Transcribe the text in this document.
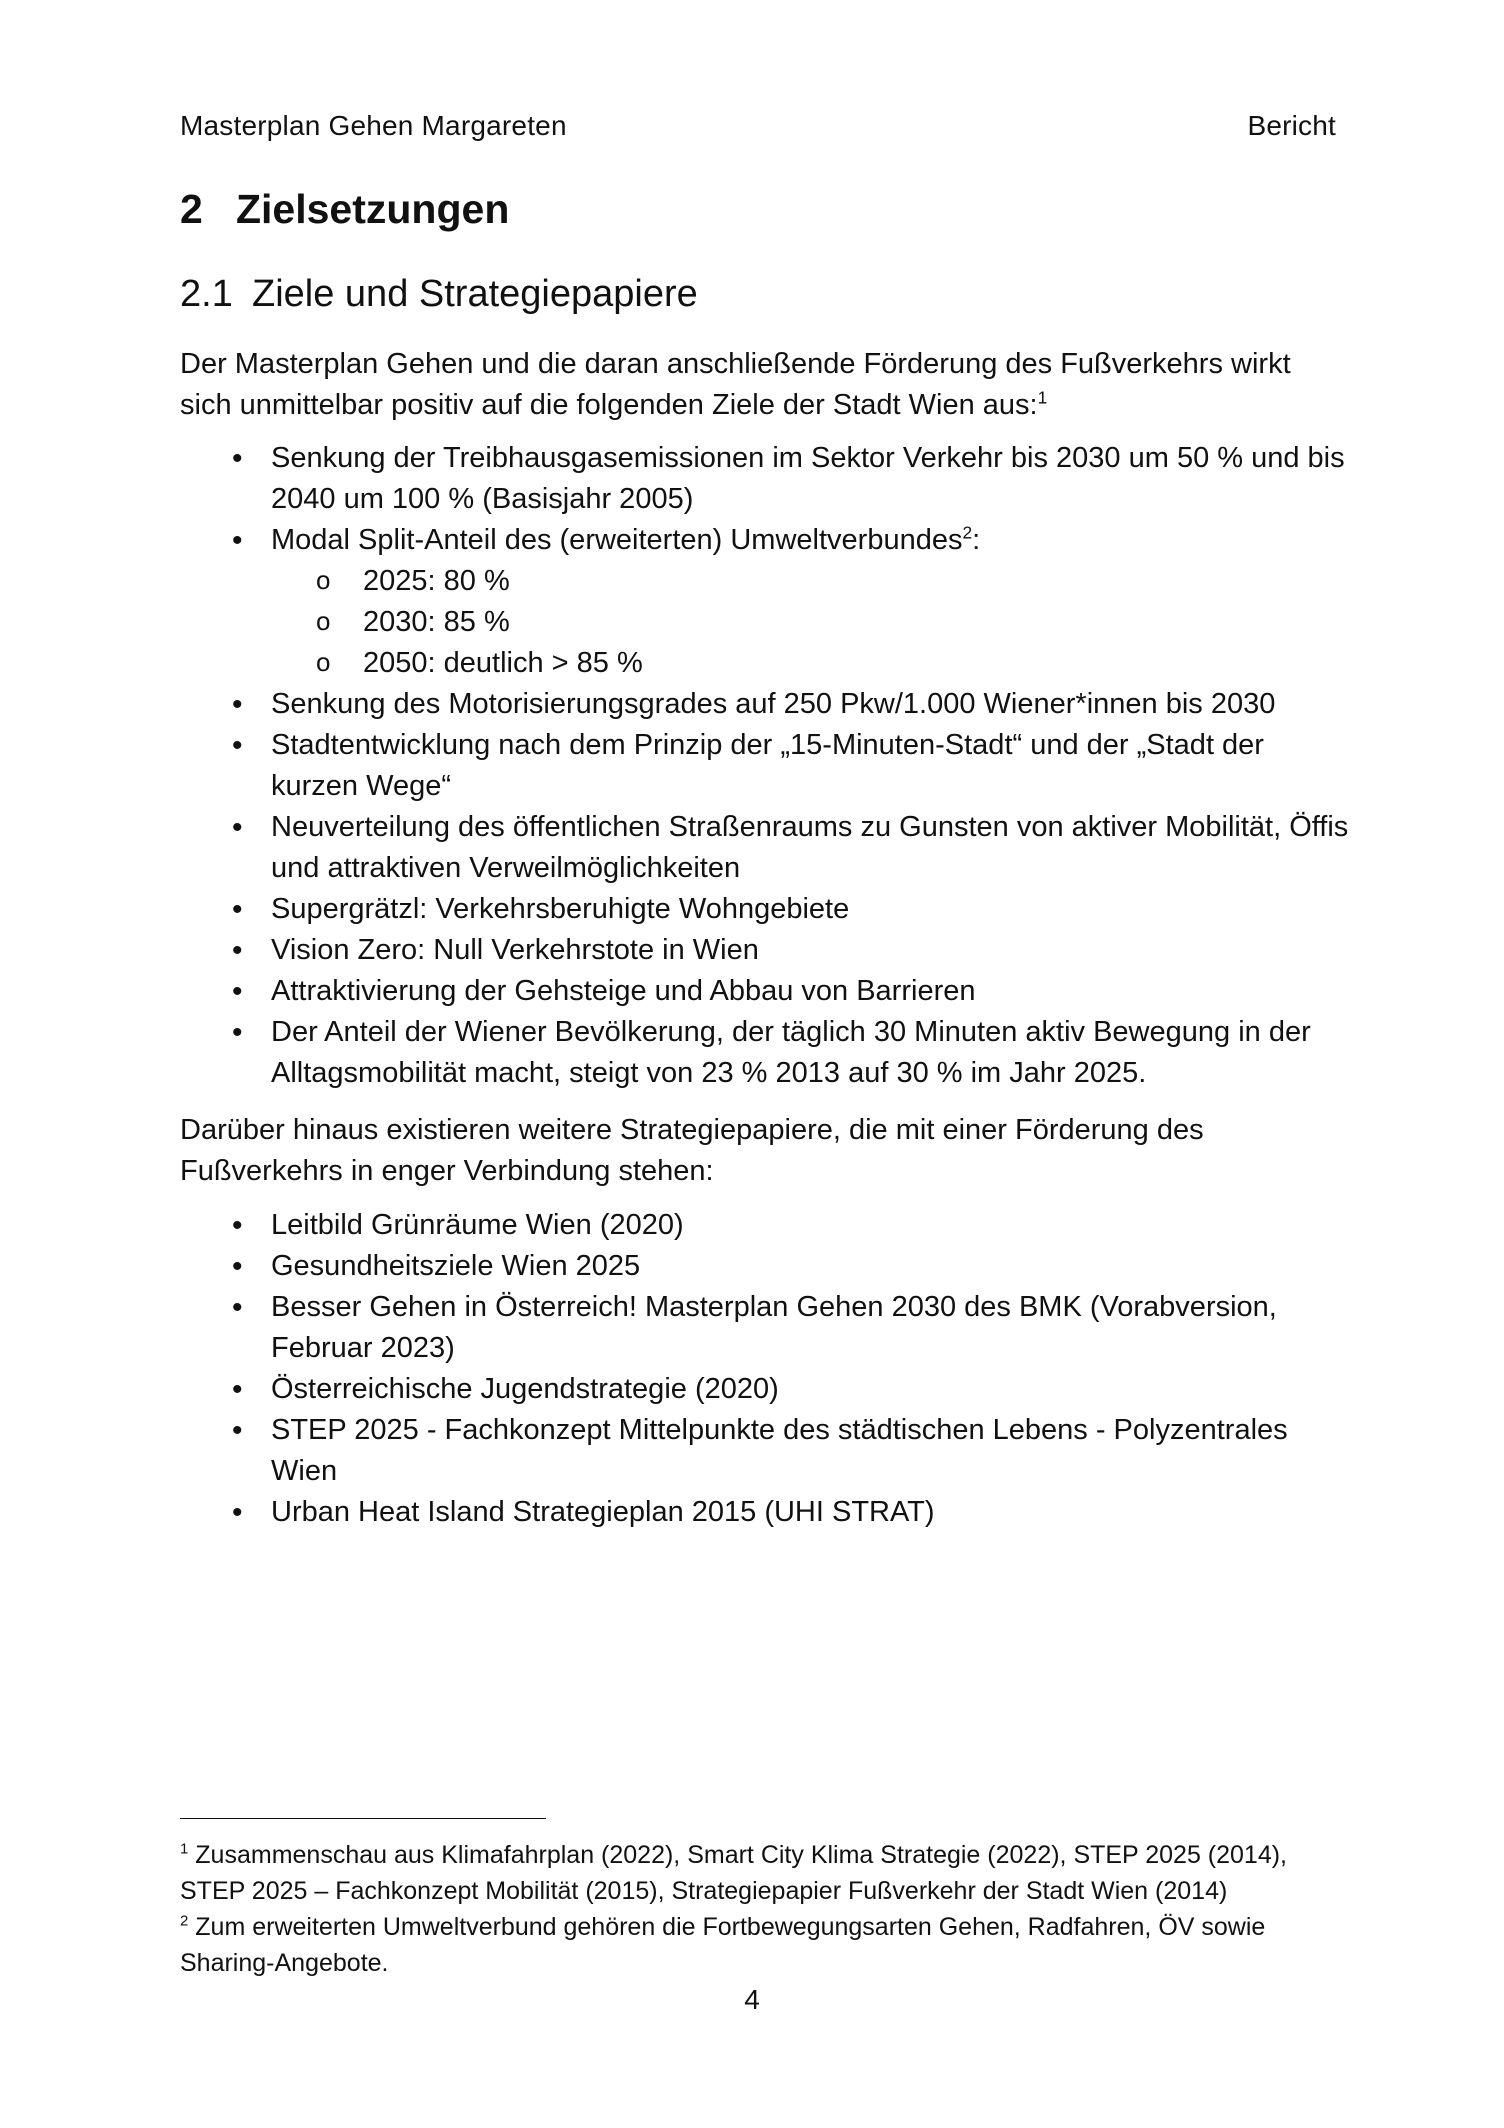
Masterplan Gehen Margareten	Bericht
2 Zielsetzungen
2.1 Ziele und Strategiepapiere

Der Masterplan Gehen und die daran anschließende Förderung des Fußverkehrs wirkt sich unmittelbar positiv auf die folgenden Ziele der Stadt Wien aus:$^1$

• Senkung der Treibhausgasemissionen im Sektor Verkehr bis 2030 um 50 % und bis 2040 um 100 % (Basisjahr 2005)
• Modal Split-Anteil des (erweiterten) Umweltverbundes$^2$:
o 2025: 80 %
o 2030: 85 %
o 2050: deutlich > 85 %
• Senkung des Motorisierungsgrades auf 250 Pkw/1.000 Wiener*innen bis 2030
• Stadtentwicklung nach dem Prinzip der „15-Minuten-Stadt“ und der „Stadt der kurzen Wege“
• Neuverteilung des öffentlichen Straßenraums zu Gunsten von aktiver Mobilität, Öffis und attraktiven Verweilmöglichkeiten
• Supergrätzl: Verkehrsberuhigte Wohngebiete
• Vision Zero: Null Verkehrstote in Wien
• Attraktivierung der Gehsteige und Abbau von Barrieren
• Der Anteil der Wiener Bevölkerung, der täglich 30 Minuten aktiv Bewegung in der Alltagsmobilität macht, steigt von 23 % 2013 auf 30 % im Jahr 2025.

Darüber hinaus existieren weitere Strategiepapiere, die mit einer Förderung des Fußverkehrs in enger Verbindung stehen:

• Leitbild Grünräume Wien (2020)
• Gesundheitsziele Wien 2025
• Besser Gehen in Österreich! Masterplan Gehen 2030 des BMK (Vorabversion, Februar 2023)
• Österreichische Jugendstrategie (2020)
• STEP 2025 - Fachkonzept Mittelpunkte des städtischen Lebens - Polyzentrales Wien
• Urban Heat Island Strategieplan 2015 (UHI STRAT)

$^1$ Zusammenschau aus Klimafahrplan (2022), Smart City Klima Strategie (2022), STEP 2025 (2014), STEP 2025 – Fachkonzept Mobilität (2015), Strategiepapier Fußverkehr der Stadt Wien (2014)

$^2$ Zum erweiterten Umweltverbund gehören die Fortbewegungsarten Gehen, Radfahren, ÖV sowie Sharing-Angebote.

4
